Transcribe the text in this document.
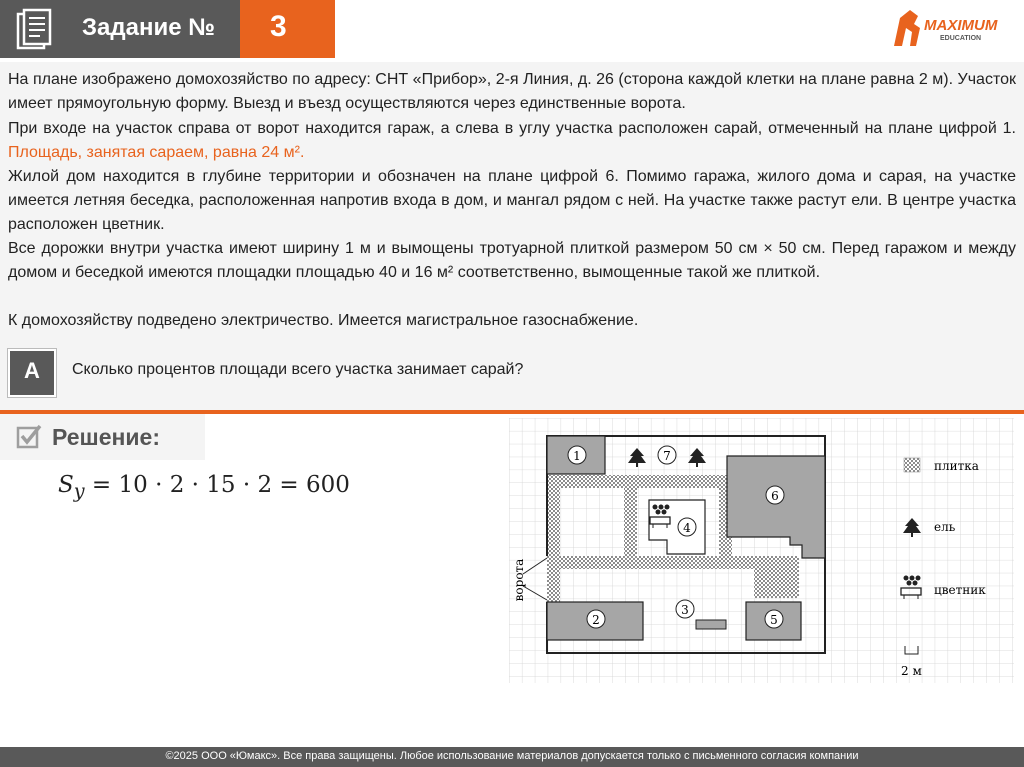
Задание № 3	MAXIMUM
EDUCATION
На плане изображено домохозяйство по адресу: СНТ «Прибор», 2-я Линия, д. 26 (сторона каждой клетки на плане равна 2 м). Участок имеет прямоугольную форму. Выезд и въезд осуществляются через единственные ворота.
При входе на участок справа от ворот находится гараж, а слева в углу участка расположен сарай, отмеченный на плане цифрой 1. Площадь, занятая сараем, равна 24 м².
Жилой дом находится в глубине территории и обозначен на плане цифрой 6. Помимо гаража, жилого дома и сарая, на участке имеется летняя беседка, расположенная напротив входа в дом, и мангал рядом с ней. На участке также растут ели. В центре участка расположен цветник.
Все дорожки внутри участка имеют ширину 1 м и вымощены тротуарной плиткой размером 50 см × 50 см. Перед гаражом и между домом и беседкой имеются площадки площадью 40 и 16 м² соответственно, вымощенные такой же плиткой.
К домохозяйству подведено электричество. Имеется магистральное газоснабжение.
А	Сколько процентов площади всего участка занимает сарай?
Решение:
$S_y = 10 \cdot 2 \cdot 15 \cdot 2 = 600$
1	7
6
4
2
3
5
ворота
плитка
ель
цветник
2 м
©2025 ООО «Юмакс». Все права защищены. Любое использование материалов допускается только с письменного согласия компании
